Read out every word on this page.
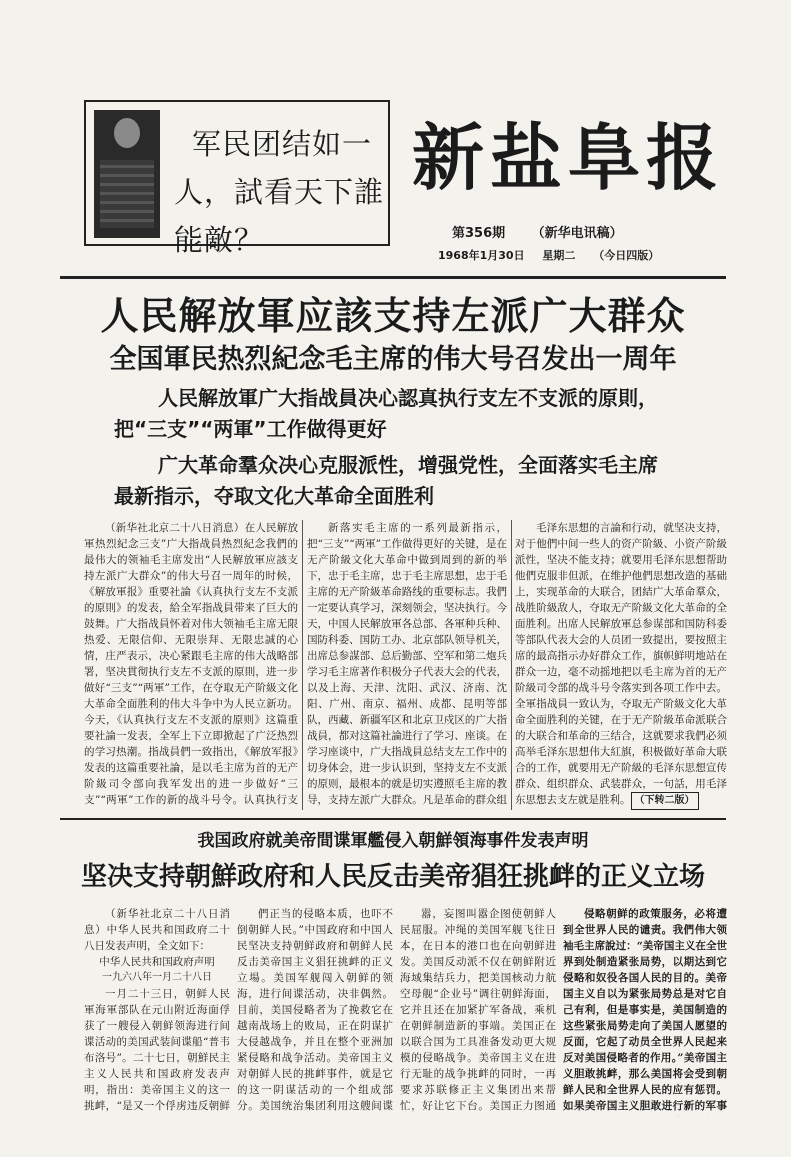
军民团结如一
人，試看天下誰
能敵？
新盐阜报
第356期 （新华电讯稿）
1968年1月30日 星期二 （今日四版）
人民解放軍应該支持左派广大群众
全国軍民热烈紀念毛主席的伟大号召发出一周年
人民解放軍广大指战員决心認真执行支左不支派的原則，
把“三支”“两軍”工作做得更好
广大革命羣众决心克服派性，增强党性，全面落实毛主席
最新指示，夺取文化大革命全面胜利

（新华社北京二十八日消息）在人民解放軍热烈紀念三支”广大指战員热烈紀念我們的最伟大的领袖毛主席发出“人民解放軍应該支持左派广大群众”的伟大号召一周年的时候，《解放軍报》重要社論《认真执行支左不支派的原則》的发表，給全军指战員带来了巨大的鼓舞。广大指战員怀着对伟大领袖毛主席无限热爱、无限信仰、无限崇拜、无限忠誠的心情，庄严表示，决心紧跟毛主席的伟大战略部署，坚决貫彻执行支左不支派的原則，进一步做好“三支”“两軍”工作，在夺取无产阶級文化大革命全面胜利的伟大斗争中为人民立新功。今天，《认真执行支左不支派的原则》这篇重要社論一发表，全军上下立即掀起了广泛热烈的学习热潮。指战員們一致指出，《解放军报》发表的这篇重要社論，是以毛主席为首的无产阶級司令部向我军发出的进一步做好“三支”“两軍”工作的新的战斗号令。认真执行支

新落实毛主席的一系列最新指示，把“三支”“两軍”工作做得更好的关键，是在无产阶級文化大革命中做到周到的新的举下，忠于毛主席，忠于毛主席思想，忠于毛主席的无产阶級革命路线的重要标志。我們一定要认真学习，深刻领会，坚决执行。今天，中国人民解放軍各总部、各軍种兵种、国防科委、国防工办、北京部队领导机关，出席总参謀部、总后勤部、空军和第二炮兵学习毛主席著作积极分子代表大会的代表，以及上海、天津、沈阳、武汉、济南、沈阳、广州、南京、福州、成都、昆明等部队，西藏、新疆军区和北京卫戍区的广大指战員，都对这篇社論进行了学习、座谈。在学习座谈中，广大指战員总结支左工作中的切身体会，进一步认识到，坚持支左不支派的原则，最根本的就是切实遵照毛主席的教导，支持左派广大群众。凡是革命的群众组

毛泽东思想的言論和行动，就坚决支持，对于他們中间一些人的资产阶級、小资产阶級派性，坚决不能支持；就要用毛泽东思想帮助他們克服非但派，在维护他們思想改造的基础上，实现革命的大联合，团結广大革命羣众，战胜阶級敌人，夺取无产阶級文化大革命的全面胜利。出席人民解放軍总参谋部和国防科委等部队代表大会的人员团一致提出，要按照主席的最高指示办好群众工作，旗帜鲜明地站在群众一边，毫不动摇地把以毛主席为首的无产阶級司令部的战斗号令落实到各项工作中去。全軍指战員一致认为，夺取无产阶級文化大革命全面胜利的关键，在于无产阶級革命派联合的大联合和革命的三结合，这就要求我們必须高举毛泽东思想伟大紅旗，积极做好革命大联合的工作，就要用无产阶級的毛泽东思想宣传群众、组织群众、武装群众，一句話，用毛泽东思想去支左就是胜利。 （下转二版）

我国政府就美帝間谍軍艦侵入朝鮮領海事件发表声明
坚决支持朝鮮政府和人民反击美帝猖狂挑衅的正义立场

（新华社北京二十八日消息）中华人民共和国政府二十八日发表声明，全文如下：

中华人民共和国政府声明

一九六八年一月二十八日

一月二十三日，朝鲜人民軍海軍部队在元山附近海面俘获了一艘侵入朝鲜领海进行间谍活动的美国武装间谍船“普韦布洛号”。二十七日，朝鮮民主主义人民共和国政府发表声明，指出：美帝国主义的这一挑衅，“是又一个俘虏违反朝鲜

們正当的侵略本质，也吓不倒朝鲜人民。”中国政府和中国人民坚决支持朝鲜政府和朝鲜人民反击美帝国主义猖狂挑衅的正义立場。美国军舰闯入朝鲜的领海，进行间谍活动，决非偶然。目前，美国侵略者为了挽救它在越南战场上的败局，正在阴谋扩大侵越战争，并且在整个亚洲加紧侵略和战争活动。美帝国主义对朝鲜人民的挑衅事件，就是它的这一阴谋活动的一个组成部分。美国统治集团利用这艘间谍

嚣，妄图叫嚣企图使朝鲜人民屈服。冲绳的美国军舰飞往日本，在日本的港口也在向朝鲜进发。美国反动派不仅在朝鲜附近海域集结兵力，把美国核动力航空母舰“企业号”调往朝鲜海面，它并且还在加紧扩军备战，乘机在朝鲜制造新的事端。美国正在以联合国为工具准备发动更大规模的侵略战争。美帝国主义在进行无耻的战争挑衅的同时，一再要求苏联修正主义集团出来帮忙，好让它下台。美国正力图通

侵略朝鲜的政策服务，必将遭到全世界人民的谴责。我們伟大领袖毛主席說过：“美帝国主义在全世界到处制造紧张局势，以期达到它侵略和奴役各国人民的目的。美帝国主义自以为紧张局势总是对它自己有利，但是事实是，美国制造的这些紧张局势走向了美国人愿望的反面，它起了动员全世界人民起来反对美国侵略者的作用。”美帝国主义胆敢挑衅，那么美国将会受到朝鲜人民和全世界人民的应有惩罚。如果美帝国主义胆敢进行新的军事
